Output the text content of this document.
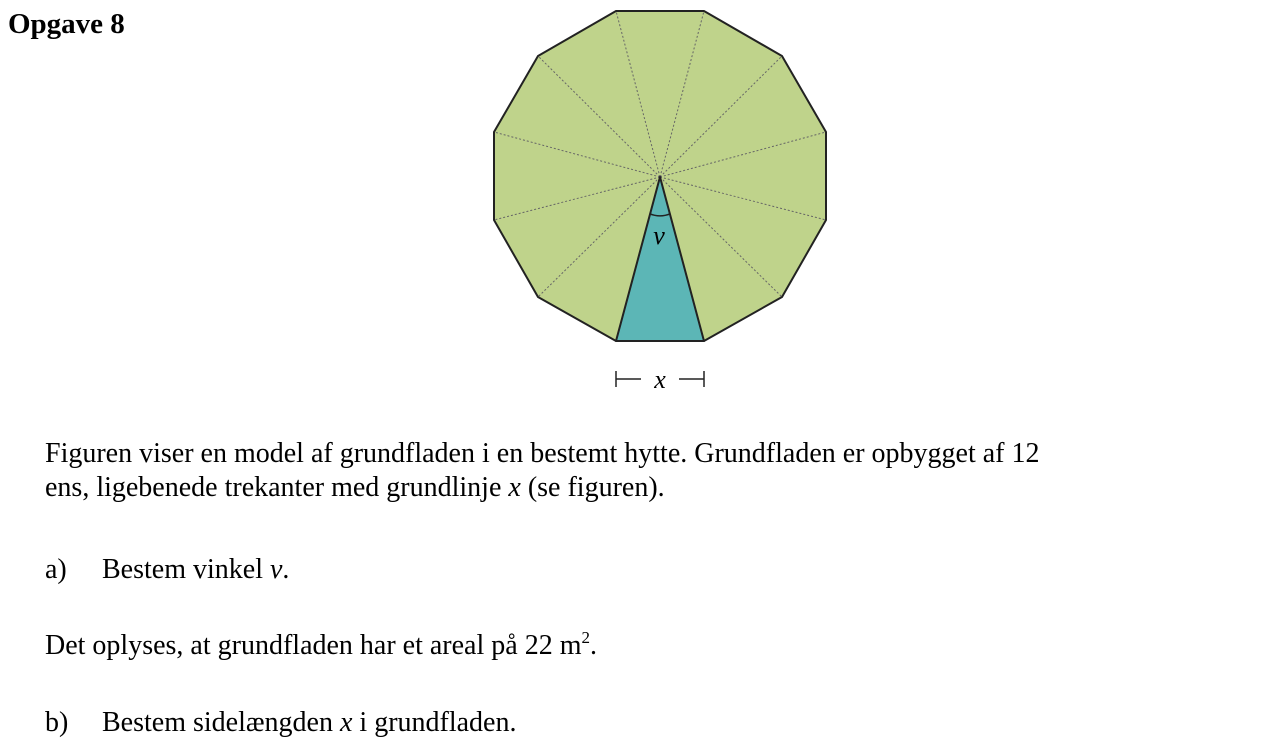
Opgave 8
v
x

Figuren viser en model af grundfladen i en bestemt hytte. Grundfladen er opbygget af 12
ens, ligebenede trekanter med grundlinje x (se figuren).

a) Bestem vinkel v.

Det oplyses, at grundfladen har et areal på 22 $m^2$.

b) Bestem sidelængden x i grundfladen.
